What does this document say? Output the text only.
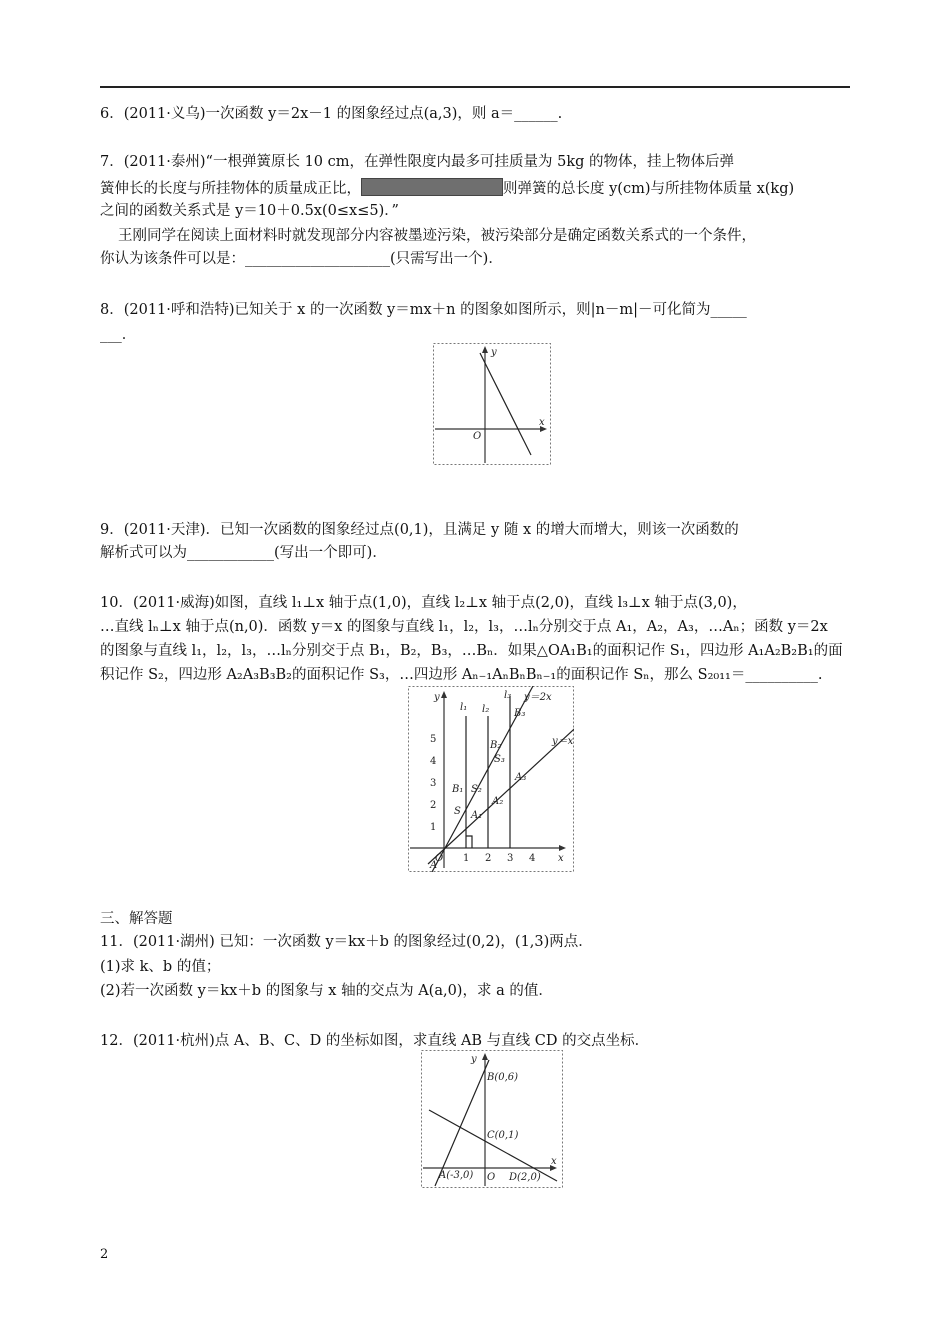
6．(2011·义乌)一次函数 y＝2x－1 的图象经过点(a,3)，则 a＝______.
7．(2011·泰州)“一根弹簧原长 10 cm，在弹性限度内最多可挂质量为 5kg 的物体，挂上物体后弹
簧伸长的长度与所挂物体的质量成正比，	则弹簧的总长度 y(cm)与所挂物体质量 x(kg)
之间的函数关系式是 y＝10＋0.5x(0≤x≤5)．”
王刚同学在阅读上面材料时就发现部分内容被墨迹污染，被污染部分是确定函数关系式的一个条件，
你认为该条件可以是：____________________(只需写出一个)．
8．(2011·呼和浩特)已知关于 x 的一次函数 y＝mx＋n 的图象如图所示，则|n－m|－可化简为_____
___．
y
x
O
9．(2011·天津)．已知一次函数的图象经过点(0,1)，且满足 y 随 x 的增大而增大，则该一次函数的
解析式可以为____________(写出一个即可)．
10．(2011·威海)如图，直线 l₁⊥x 轴于点(1,0)，直线 l₂⊥x 轴于点(2,0)，直线 l₃⊥x 轴于点(3,0)，
…直线 lₙ⊥x 轴于点(n,0)．函数 y＝x 的图象与直线 l₁，l₂，l₃，…lₙ分别交于点 A₁，A₂，A₃，…Aₙ；函数 y＝2x
的图象与直线 l₁，l₂，l₃，…lₙ分别交于点 B₁，B₂，B₃，…Bₙ．如果△OA₁B₁的面积记作 S₁，四边形 A₁A₂B₂B₁的面
积记作 S₂，四边形 A₂A₃B₃B₂的面积记作 S₃，…四边形 Aₙ₋₁AₙBₙBₙ₋₁的面积记作 Sₙ，那么 S₂₀₁₁＝__________.
O 1 2 3 4 x
1
2
3
4
5
y
A
l₁ l₂
l₃ y＝2x
y＝x
B₃
B₂
B₁
A₃
A₂
A₁
S
S₂
S₃
三、解答题
11．(2011·湖州) 已知：一次函数 y＝kx＋b 的图象经过(0,2)，(1,3)两点．
(1)求 k、b 的值；
(2)若一次函数 y＝kx＋b 的图象与 x 轴的交点为 A(a,0)，求 a 的值．
12．(2011·杭州)点 A、B、C、D 的坐标如图，求直线 AB 与直线 CD 的交点坐标．
y
x
B(0,6)
C(0,1)
A(-3,0) O D(2,0)
2
